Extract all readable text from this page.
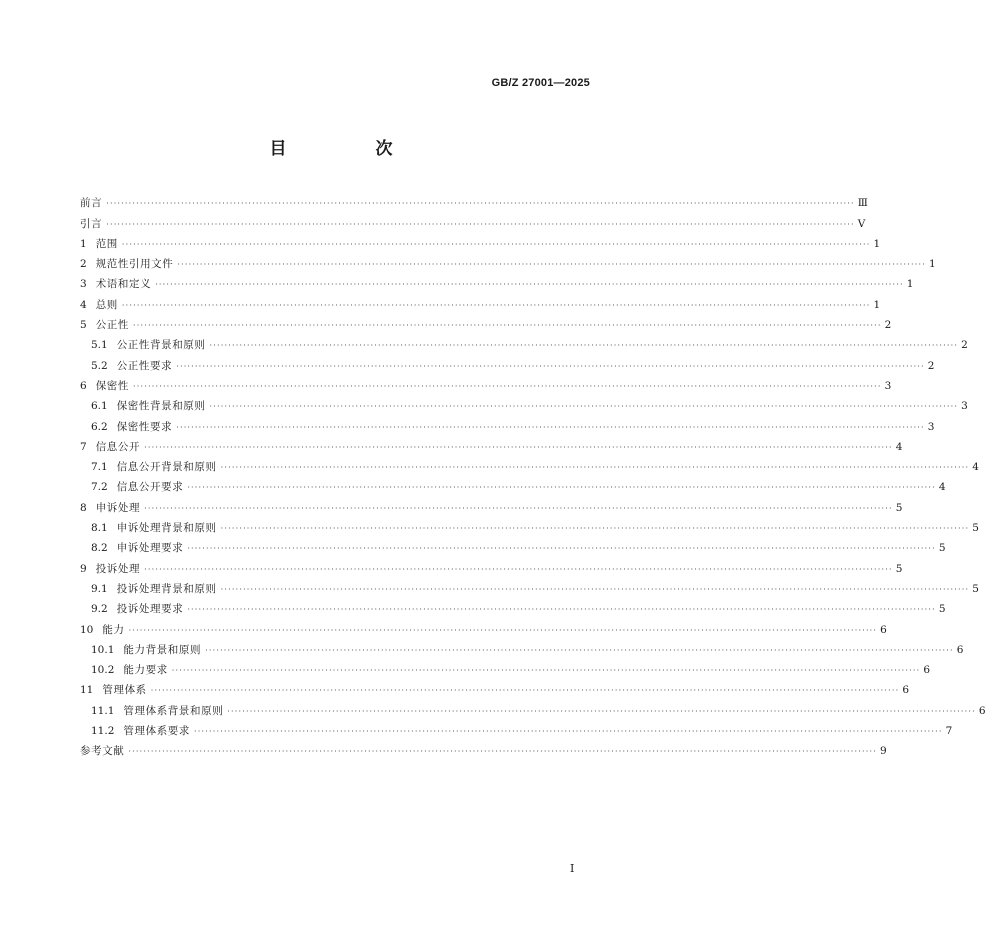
GB/Z 27001—2025
目　次
前言 ········································································································································································································ Ⅲ
引言 ········································································································································································································ Ⅴ
1 范围 ········································································································································································································ 1
2 规范性引用文件 ········································································································································································································ 1
3 术语和定义 ········································································································································································································ 1
4 总则 ········································································································································································································ 1
5 公正性 ········································································································································································································ 2
5.1 公正性背景和原则 ········································································································································································································ 2
5.2 公正性要求 ········································································································································································································ 2
6 保密性 ········································································································································································································ 3
6.1 保密性背景和原则 ········································································································································································································ 3
6.2 保密性要求 ········································································································································································································ 3
7 信息公开 ········································································································································································································ 4
7.1 信息公开背景和原则 ········································································································································································································ 4
7.2 信息公开要求 ········································································································································································································ 4
8 申诉处理 ········································································································································································································ 5
8.1 申诉处理背景和原则 ········································································································································································································ 5
8.2 申诉处理要求 ········································································································································································································ 5
9 投诉处理 ········································································································································································································ 5
9.1 投诉处理背景和原则 ········································································································································································································ 5
9.2 投诉处理要求 ········································································································································································································ 5
10 能力 ········································································································································································································ 6
10.1 能力背景和原则 ········································································································································································································ 6
10.2 能力要求 ········································································································································································································ 6
11 管理体系 ········································································································································································································ 6
11.1 管理体系背景和原则 ········································································································································································································ 6
11.2 管理体系要求 ········································································································································································································ 7
参考文献 ········································································································································································································ 9
Ⅰ
